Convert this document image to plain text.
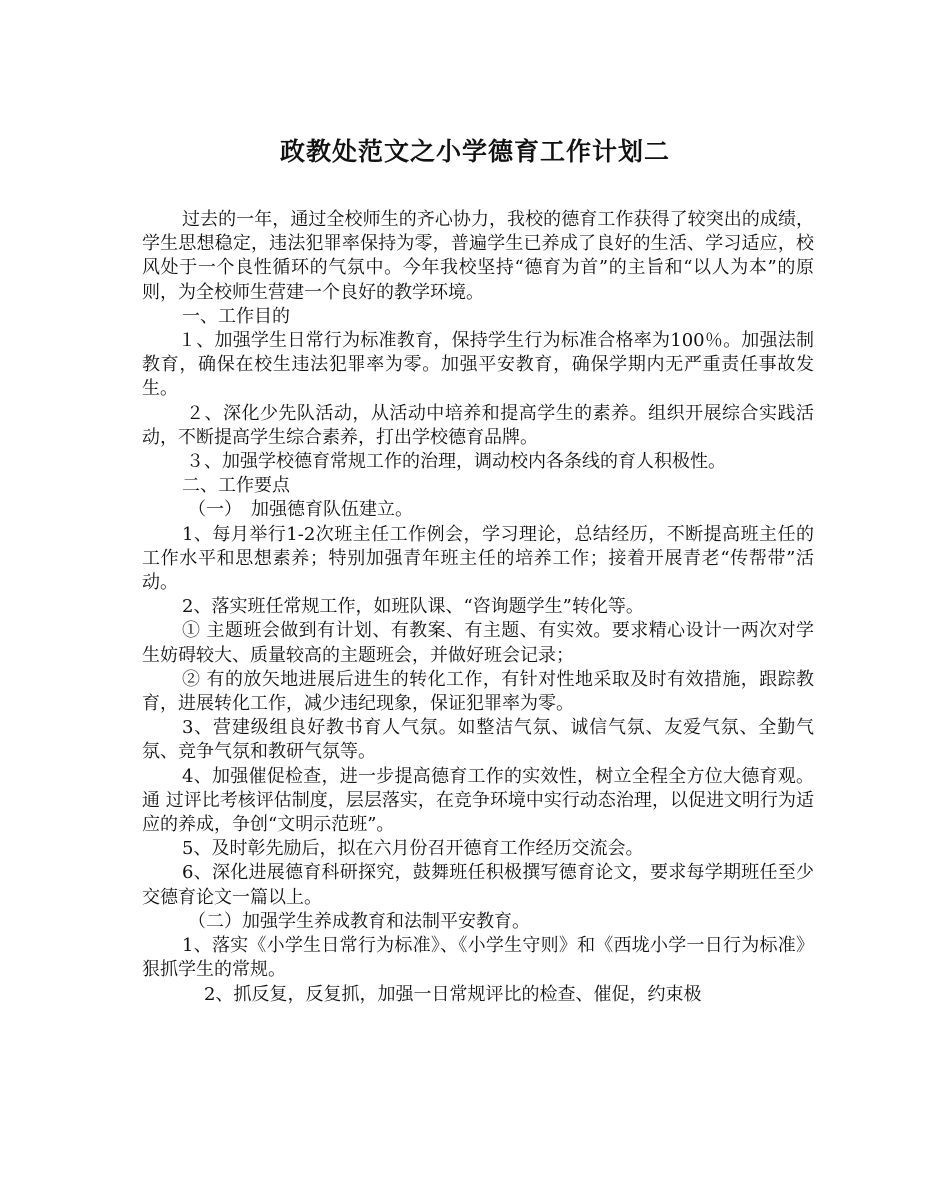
政教处范文之小学德育工作计划二

过去的一年，通过全校师生的齐心协力，我校的德育工作获得了较突出的成绩，学生思想稳定，违法犯罪率保持为零，普遍学生已养成了良好的生活、学习适应，校风处于一个良性循环的气氛中。今年我校坚持“德育为首”的主旨和“以人为本”的原则，为全校师生营建一个良好的教学环境。

一、工作目的

１、加强学生日常行为标准教育，保持学生行为标准合格率为100％。加强法制教育，确保在校生违法犯罪率为零。加强平安教育，确保学期内无严重责任事故发生。

２、深化少先队活动，从活动中培养和提高学生的素养。组织开展综合实践活动，不断提高学生综合素养，打出学校德育品牌。

３、加强学校德育常规工作的治理，调动校内各条线的育人积极性。

二、工作要点

（一）　加强德育队伍建立。

1、每月举行1-2次班主任工作例会，学习理论，总结经历，不断提高班主任的工作水平和思想素养；特别加强青年班主任的培养工作；接着开展青老“传帮带”活动。

2、落实班任常规工作，如班队课、“咨询题学生”转化等。

① 主题班会做到有计划、有教案、有主题、有实效。要求精心设计一两次对学生妨碍较大、质量较高的主题班会，并做好班会记录；

② 有的放矢地进展后进生的转化工作，有针对性地采取及时有效措施，跟踪教育，进展转化工作，减少违纪现象，保证犯罪率为零。

3、营建级组良好教书育人气氛。如整洁气氛、诚信气氛、友爱气氛、全勤气氛、竞争气氛和教研气氛等。

4、加强催促检查，进一步提高德育工作的实效性，树立全程全方位大德育观。通 过评比考核评估制度，层层落实，在竞争环境中实行动态治理，以促进文明行为适应的养成，争创“文明示范班”。

5、及时彰先励后，拟在六月份召开德育工作经历交流会。

6、深化进展德育科研探究，鼓舞班任积极撰写德育论文，要求每学期班任至少交德育论文一篇以上。

（二）加强学生养成教育和法制平安教育。

1、落实《小学生日常行为标准》、《小学生守则》和《西垅小学一日行为标准》狠抓学生的常规。

2、抓反复，反复抓，加强一日常规评比的检查、催促，约束极
